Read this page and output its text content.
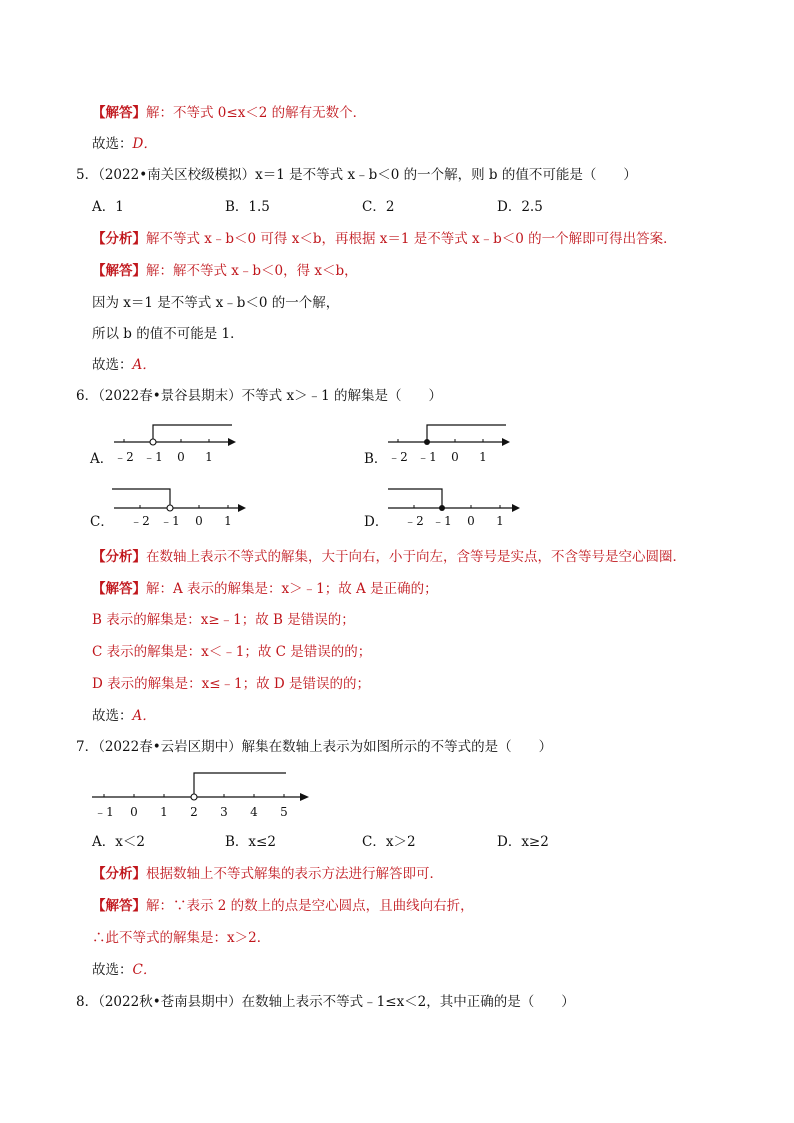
【解答】解：不等式 0≤x＜2 的解有无数个．
故选：D．
5．（2022•南关区校级模拟）x＝1 是不等式 x﹣b＜0 的一个解，则 b 的值不可能是（　　）
A．1	B．1.5	C．2	D．2.5
【分析】解不等式 x﹣b＜0 可得 x＜b，再根据 x＝1 是不等式 x﹣b＜0 的一个解即可得出答案．
【解答】解：解不等式 x﹣b＜0，得 x＜b，
因为 x＝1 是不等式 x﹣b＜0 的一个解，
所以 b 的值不可能是 1．
故选：A．
6．（2022春•景谷县期末）不等式 x＞﹣1 的解集是（　　）
A． ﹣2 ﹣1 0 1	B． ﹣2 ﹣1 0 1
C． ﹣2 ﹣1 0 1	D． ﹣2 ﹣1 0 1
【分析】在数轴上表示不等式的解集，大于向右，小于向左，含等号是实点，不含等号是空心圆圈．
【解答】解：A 表示的解集是：x＞﹣1；故 A 是正确的；
B 表示的解集是：x≥﹣1；故 B 是错误的；
C 表示的解集是：x＜﹣1；故 C 是错误的的；
D 表示的解集是：x≤﹣1；故 D 是错误的的；
故选：A．
7．（2022春•云岩区期中）解集在数轴上表示为如图所示的不等式的是（　　）
﹣1 0 1 2 3 4 5
A．x＜2	B．x≤2	C．x＞2	D．x≥2
【分析】根据数轴上不等式解集的表示方法进行解答即可．
【解答】解：∵表示 2 的数上的点是空心圆点，且曲线向右折，
∴此不等式的解集是：x＞2．
故选：C．
8．（2022秋•苍南县期中）在数轴上表示不等式﹣1≤x＜2，其中正确的是（　　）
